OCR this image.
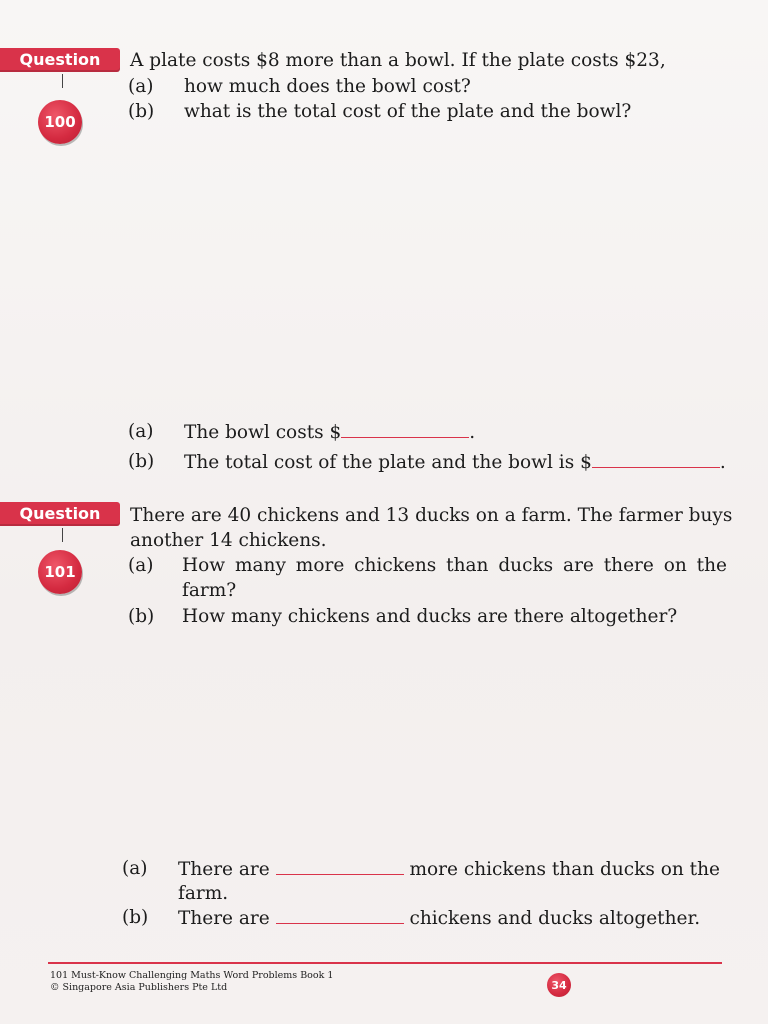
Question
100
A plate costs $8 more than a bowl. If the plate costs $23,
(a) how much does the bowl cost?
(b) what is the total cost of the plate and the bowl?
(a) The bowl costs $	.
(b) The total cost of the plate and the bowl is $	.
Question
101
There are 40 chickens and 13 ducks on a farm. The farmer buys
another 14 chickens.
(a) How many more chickens than ducks are there on the
farm?
(b) How many chickens and ducks are there altogether?
(a) There are	more chickens than ducks on the
farm.
(b) There are	chickens and ducks altogether.
101 Must-Know Challenging Maths Word Problems Book 1
© Singapore Asia Publishers Pte Ltd	34
